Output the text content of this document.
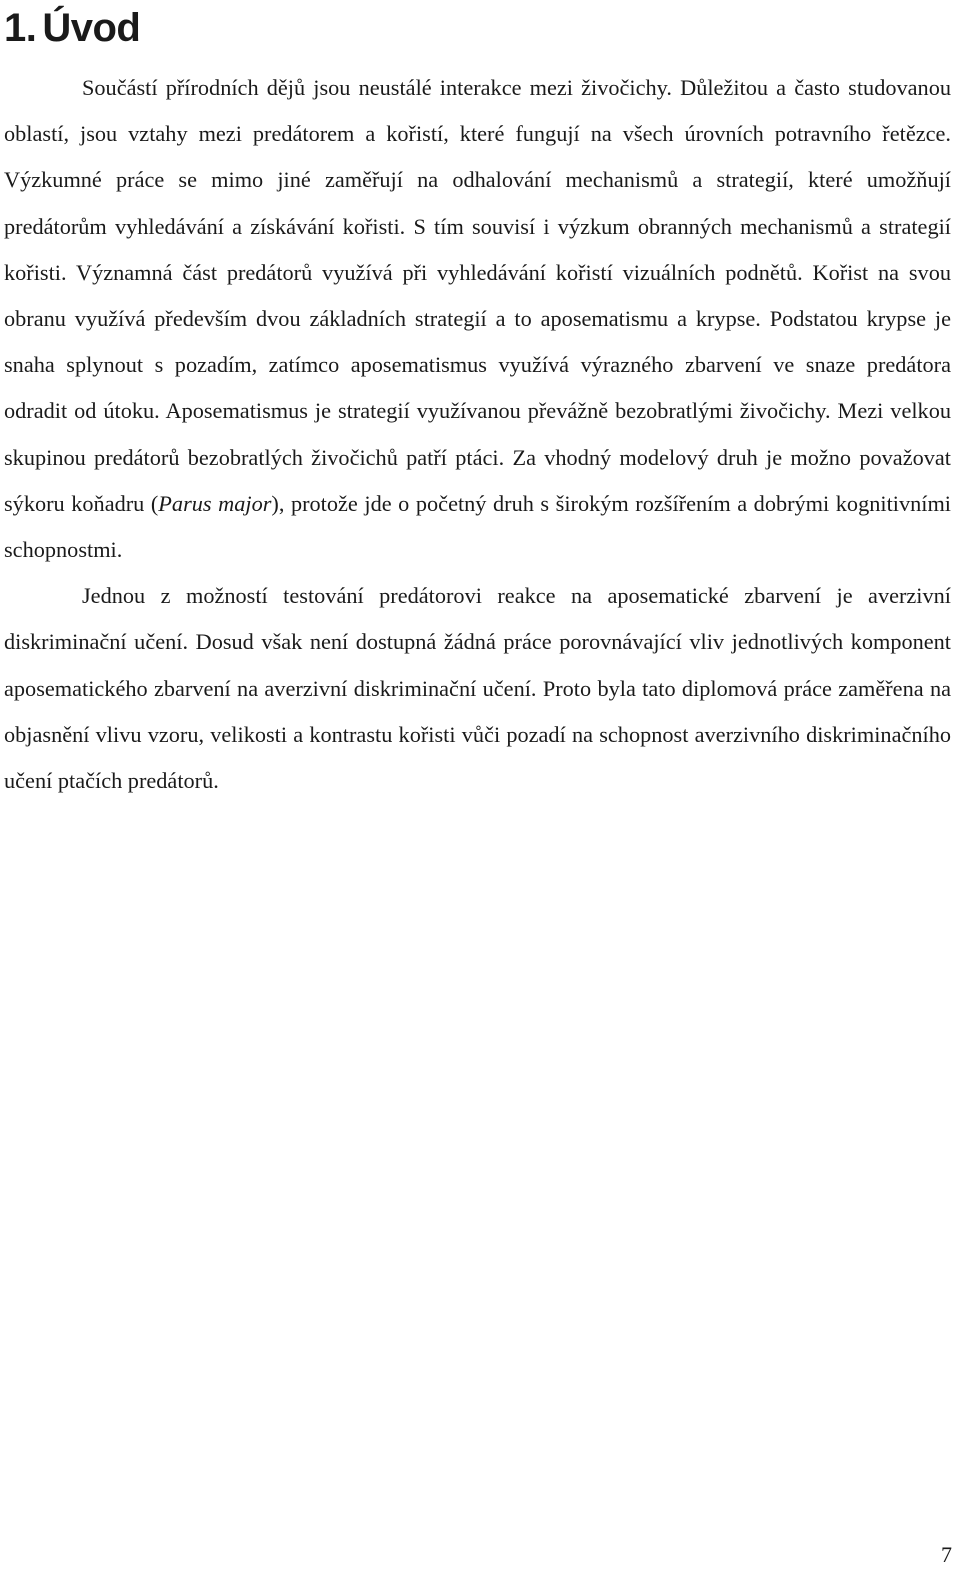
1. Úvod

Součástí přírodních dějů jsou neustálé interakce mezi živočichy. Důležitou a často studovanou oblastí, jsou vztahy mezi predátorem a kořistí, které fungují na všech úrovních potravního řetězce. Výzkumné práce se mimo jiné zaměřují na odhalování mechanismů a strategií, které umožňují predátorům vyhledávání a získávání kořisti. S tím souvisí i výzkum obranných mechanismů a strategií kořisti. Významná část predátorů využívá při vyhledávání kořistí vizuálních podnětů. Kořist na svou obranu využívá především dvou základních strategií a to aposematismu a krypse. Podstatou krypse je snaha splynout s pozadím, zatímco aposematismus využívá výrazného zbarvení ve snaze predátora odradit od útoku. Aposematismus je strategií využívanou převážně bezobratlými živočichy. Mezi velkou skupinou predátorů bezobratlých živočichů patří ptáci. Za vhodný modelový druh je možno považovat sýkoru koňadru (Parus major), protože jde o početný druh s širokým rozšířením a dobrými kognitivními schopnostmi.

Jednou z možností testování predátorovi reakce na aposematické zbarvení je averzivní diskriminační učení. Dosud však není dostupná žádná práce porovnávající vliv jednotlivých komponent aposematického zbarvení na averzivní diskriminační učení. Proto byla tato diplomová práce zaměřena na objasnění vlivu vzoru, velikosti a kontrastu kořisti vůči pozadí na schopnost averzivního diskriminačního učení ptačích predátorů.

7
